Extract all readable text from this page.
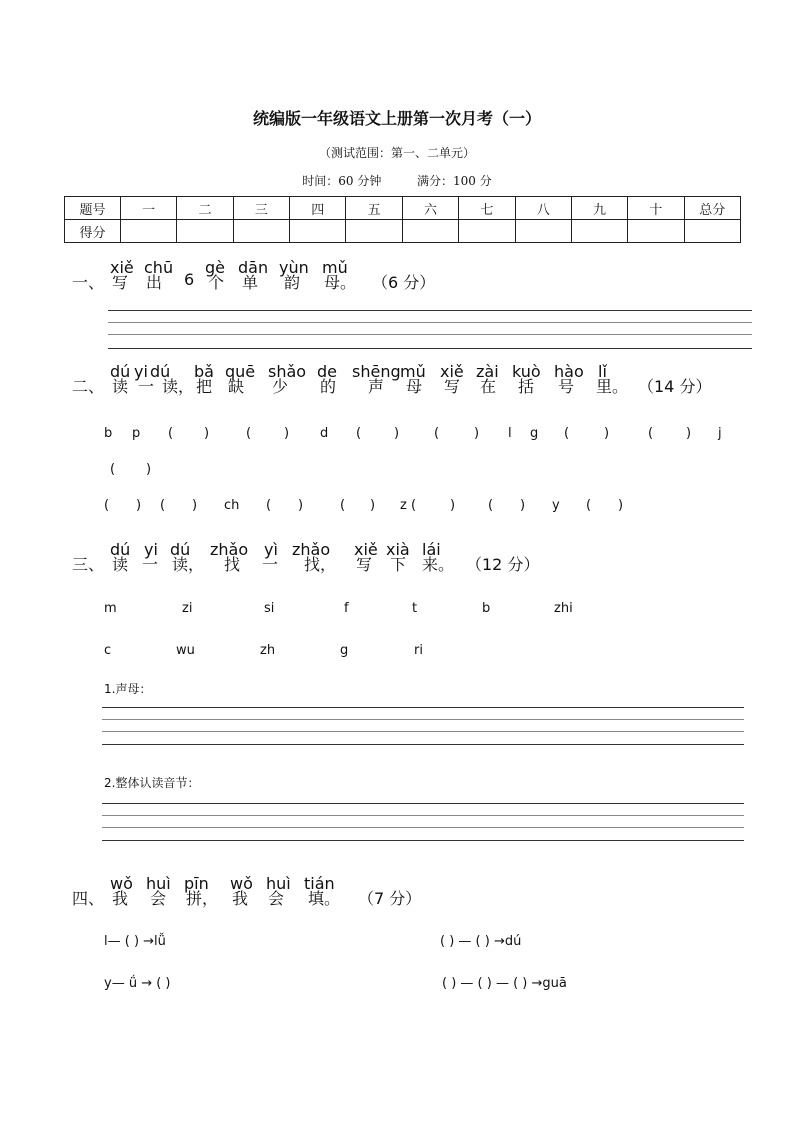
统编版一年级语文上册第一次月考（一）
（测试范围：第一、二单元）
时间：60 分钟	满分：100 分
题号	一	二	三	四	五	六	七	八	九	十	总分
得分											
一、
xiě
写
chū
出 6
gè
个
dān
单
yùn
韵
mǔ
母。 （6 分）
二、
dú
读
yi
一
dú
读，
bǎ
把
quē
缺
shǎo
少
de
的
shēng
声
mǔ
母
xiě
写
zài
在
kuò
括
hào
号
lǐ
里。 （14 分）
b p ( )	(	) d (	)	(	) l g (	)	(	) j
( )
( ) ( ) ch ( )	( ) z (	)	( ) y ( )
三、
dú
读
yi
一
dú
读，
zhǎo
找
yì
一
zhǎo
找，
xiě
写
xià
下
lái
来。 （12 分）
m	zi	si	f	t	b	zhi
c	wu	zh	g	ri
1.声母：
2.整体认读音节：
四、
wǒ
我
huì
会
pīn
拼，
wǒ
我
huì
会
tián
填。 （7 分）
l— ( ) →lǚ	( ) — ( ) →dú
y— ǘ → ( )	( ) — ( ) — ( ) →guā
